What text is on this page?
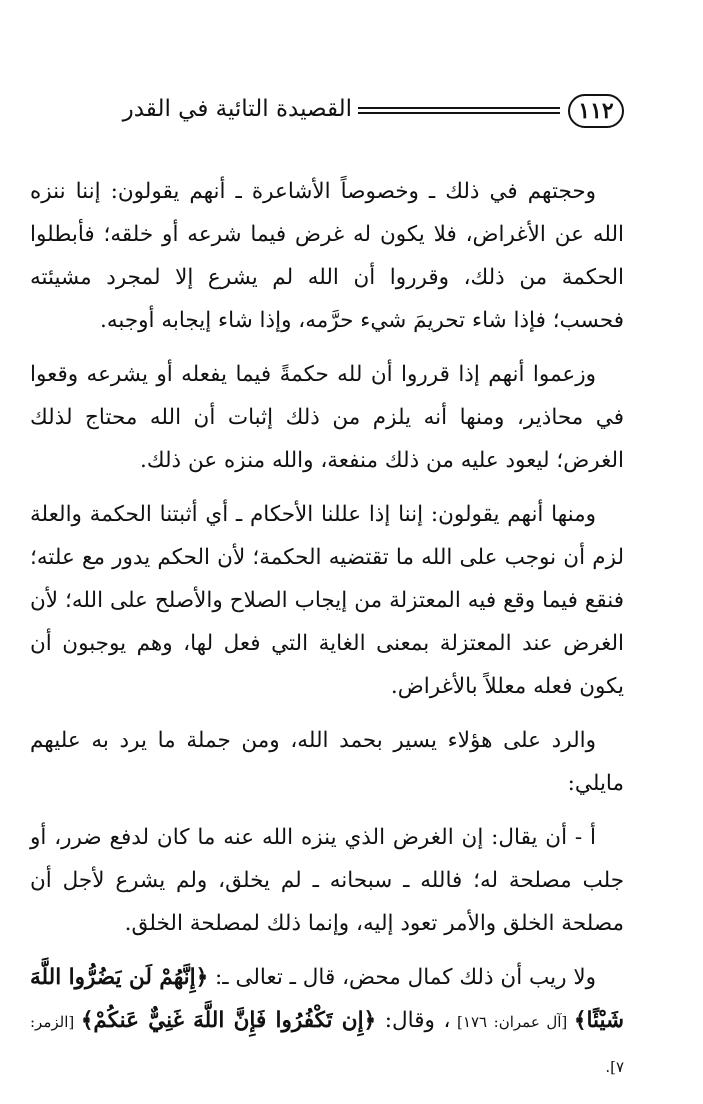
١١٢
القصيدة التائية في القدر

وحجتهم في ذلك ـ وخصوصاً الأشاعرة ـ أنهم يقولون: إننا ننزه الله عن الأغراض، فلا يكون له غرض فيما شرعه أو خلقه؛ فأبطلوا الحكمة من ذلك، وقرروا أن الله لم يشرع إلا لمجرد مشيئته فحسب؛ فإذا شاء تحريمَ شيء حرَّمه، وإذا شاء إيجابه أوجبه.

وزعموا أنهم إذا قرروا أن لله حكمةً فيما يفعله أو يشرعه وقعوا في محاذير، ومنها أنه يلزم من ذلك إثبات أن الله محتاج لذلك الغرض؛ ليعود عليه من ذلك منفعة، والله منزه عن ذلك.

ومنها أنهم يقولون: إننا إذا عللنا الأحكام ـ أي أثبتنا الحكمة والعلة لزم أن نوجب على الله ما تقتضيه الحكمة؛ لأن الحكم يدور مع علته؛ فنقع فيما وقع فيه المعتزلة من إيجاب الصلاح والأصلح على الله؛ لأن الغرض عند المعتزلة بمعنى الغاية التي فعل لها، وهم يوجبون أن يكون فعله معللاً بالأغراض.

والرد على هؤلاء يسير بحمد الله، ومن جملة ما يرد به عليهم مايلي:

أ - أن يقال: إن الغرض الذي ينزه الله عنه ما كان لدفع ضرر، أو جلب مصلحة له؛ فالله ـ سبحانه ـ لم يخلق، ولم يشرع لأجل أن مصلحة الخلق والأمر تعود إليه، وإنما ذلك لمصلحة الخلق.

ولا ريب أن ذلك كمال محض، قال ـ تعالى ـ: ﴿إِنَّهُمْ لَن يَضُرُّوا اللَّهَ شَيْئًا﴾ [آل عمران: ١٧٦] ، وقال: ﴿إِن تَكْفُرُوا فَإِنَّ اللَّهَ غَنِيٌّ عَنكُمْ﴾ [الزمر: ٧].
